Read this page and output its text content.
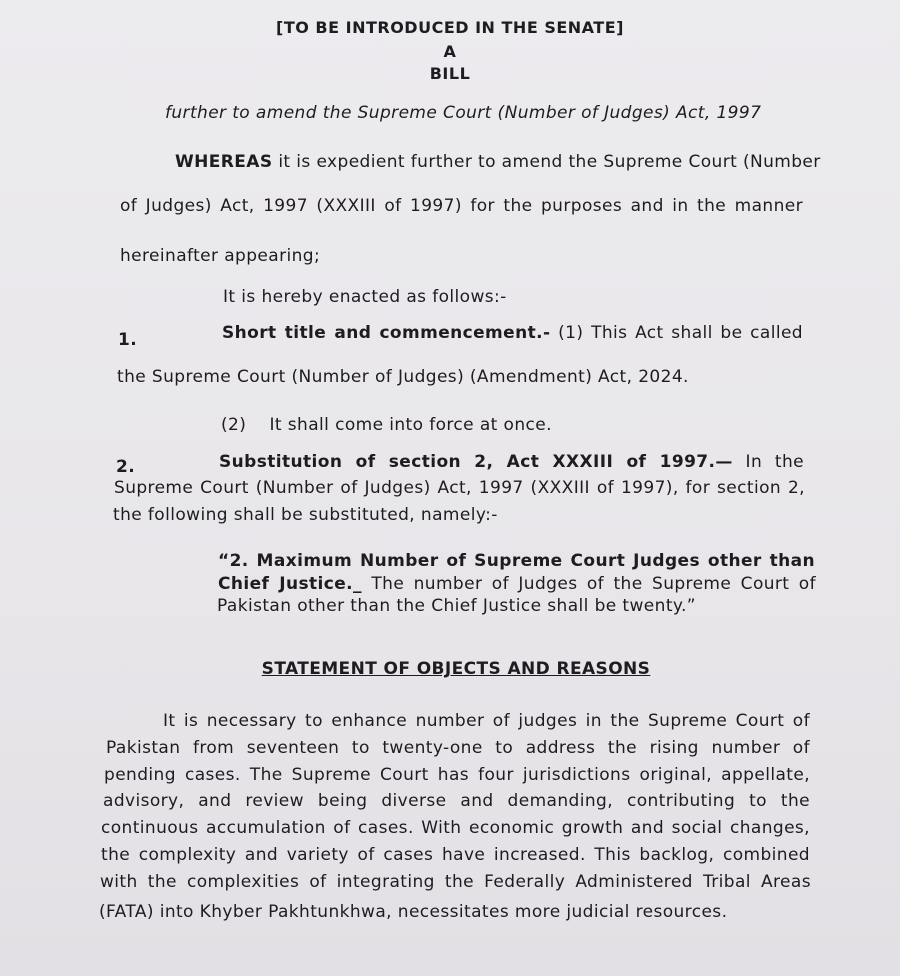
[TO BE INTRODUCED IN THE SENATE]
A
BILL
further to amend the Supreme Court (Number of Judges) Act, 1997
WHEREAS it is expedient further to amend the Supreme Court (Number
of Judges) Act, 1997 (XXXIII of 1997) for the purposes and in the manner
hereinafter appearing;
It is hereby enacted as follows:-
1.	Short title and commencement.- (1) This Act shall be called
the Supreme Court (Number of Judges) (Amendment) Act, 2024.
(2)    It shall come into force at once.
2.	Substitution of section 2, Act XXXIII of 1997.— In the
Supreme Court (Number of Judges) Act, 1997 (XXXIII of 1997), for section 2,
the following shall be substituted, namely:-
“2. Maximum Number of Supreme Court Judges other than
Chief Justice._ The number of Judges of the Supreme Court of
Pakistan other than the Chief Justice shall be twenty.”
STATEMENT OF OBJECTS AND REASONS
It is necessary to enhance number of judges in the Supreme Court of
Pakistan from seventeen to twenty-one to address the rising number of
pending cases. The Supreme Court has four jurisdictions original, appellate,
advisory, and review being diverse and demanding, contributing to the
continuous accumulation of cases. With economic growth and social changes,
the complexity and variety of cases have increased. This backlog, combined
with the complexities of integrating the Federally Administered Tribal Areas
(FATA) into Khyber Pakhtunkhwa, necessitates more judicial resources.
